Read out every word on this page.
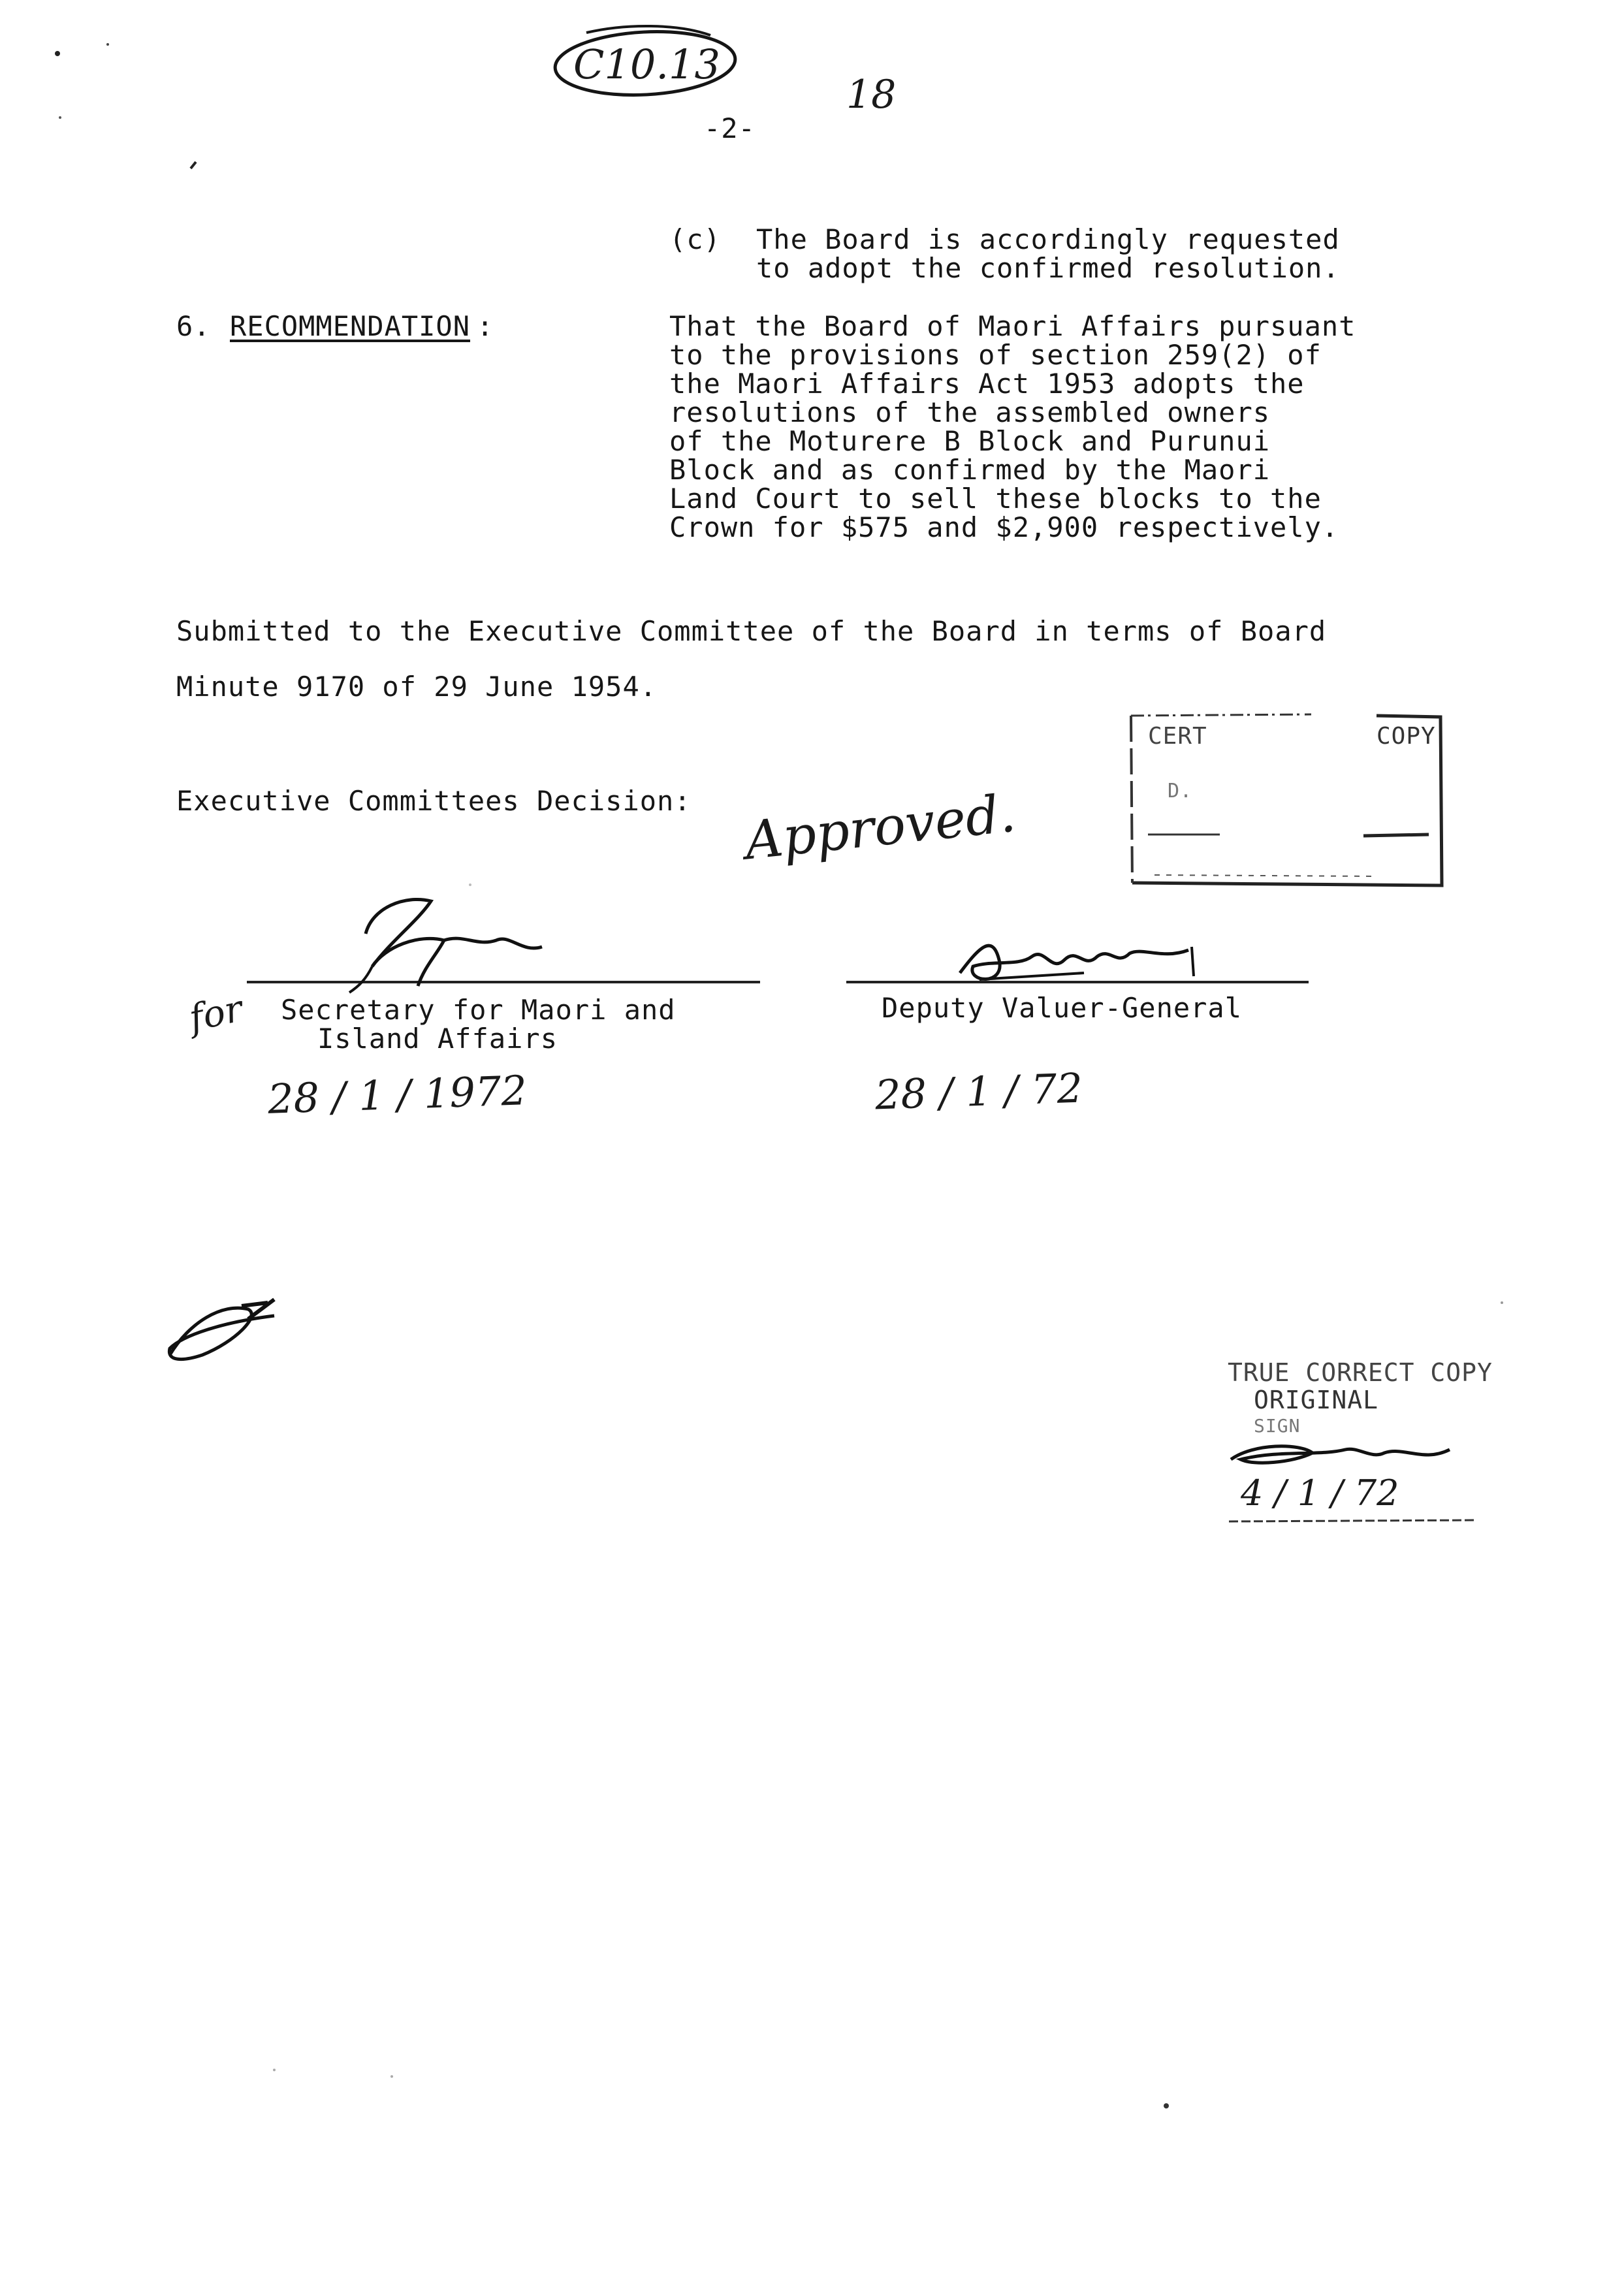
C10.13
-2-
18
(c) The Board is accordingly requested
to adopt the confirmed resolution.
6. RECOMMENDATION :	That the Board of Maori Affairs pursuant
to the provisions of section 259(2) of
the Maori Affairs Act 1953 adopts the
resolutions of the assembled owners
of the Moturere B Block and Purunui
Block and as confirmed by the Maori
Land Court to sell these blocks to the
Crown for $575 and $2,900 respectively.
Submitted to the Executive Committee of the Board in terms of Board
Minute 9170 of 29 June 1954.
Executive Committees Decision: Approved.
CERT	COPY
D.
for Secretary for Maori and
Island Affairs
28 / 1 / 1972
Deputy Valuer-General
28 / 1 / 72
TRUE CORRECT COPY
ORIGINAL
SIGN
4 / 1 / 72
